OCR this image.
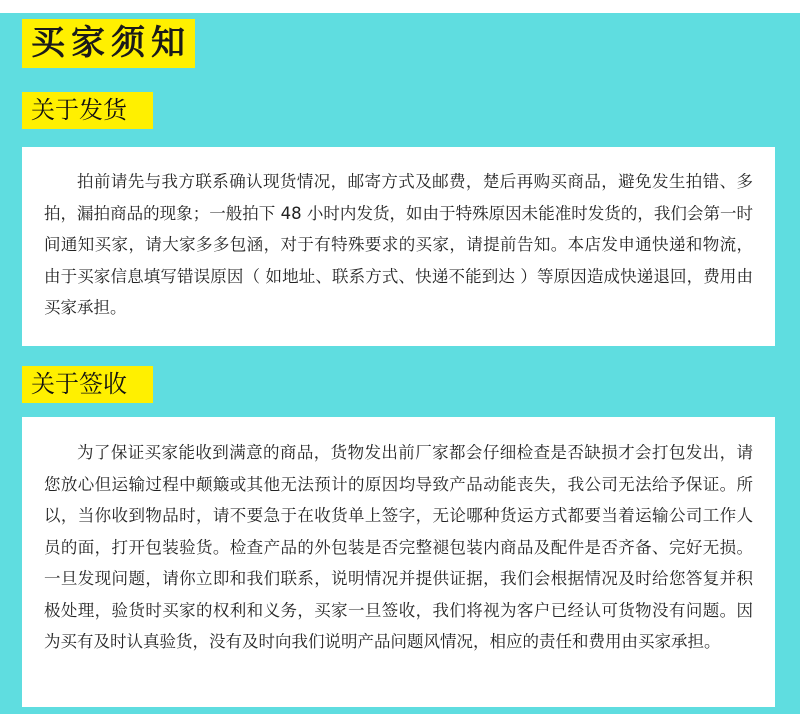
买家须知
关于发货

拍前请先与我方联系确认现货情况，邮寄方式及邮费，楚后再购买商品，避免发生拍错、多拍，漏拍商品的现象；一般拍下 48 小时内发货，如由于特殊原因未能准时发货的，我们会第一时间通知买家，请大家多多包涵，对于有特殊要求的买家，请提前告知。本店发申通快递和物流，由于买家信息填写错误原因（ 如地址、联系方式、快递不能到达 ）等原因造成快递退回，费用由买家承担。

关于签收

为了保证买家能收到满意的商品，货物发出前厂家都会仔细检查是否缺损才会打包发出，请您放心但运输过程中颠簸或其他无法预计的原因均导致产品动能丧失，我公司无法给予保证。所以，当你收到物品时，请不要急于在收货单上签字，无论哪种货运方式都要当着运输公司工作人员的面，打开包装验货。检查产品的外包装是否完整褪包装内商品及配件是否齐备、完好无损。一旦发现问题，请你立即和我们联系，说明情况并提供证据，我们会根据情况及时给您答复并积极处理，验货时买家的权利和义务，买家一旦签收，我们将视为客户已经认可货物没有问题。因为买有及时认真验货，没有及时向我们说明产品问题风情况，相应的责任和费用由买家承担。
